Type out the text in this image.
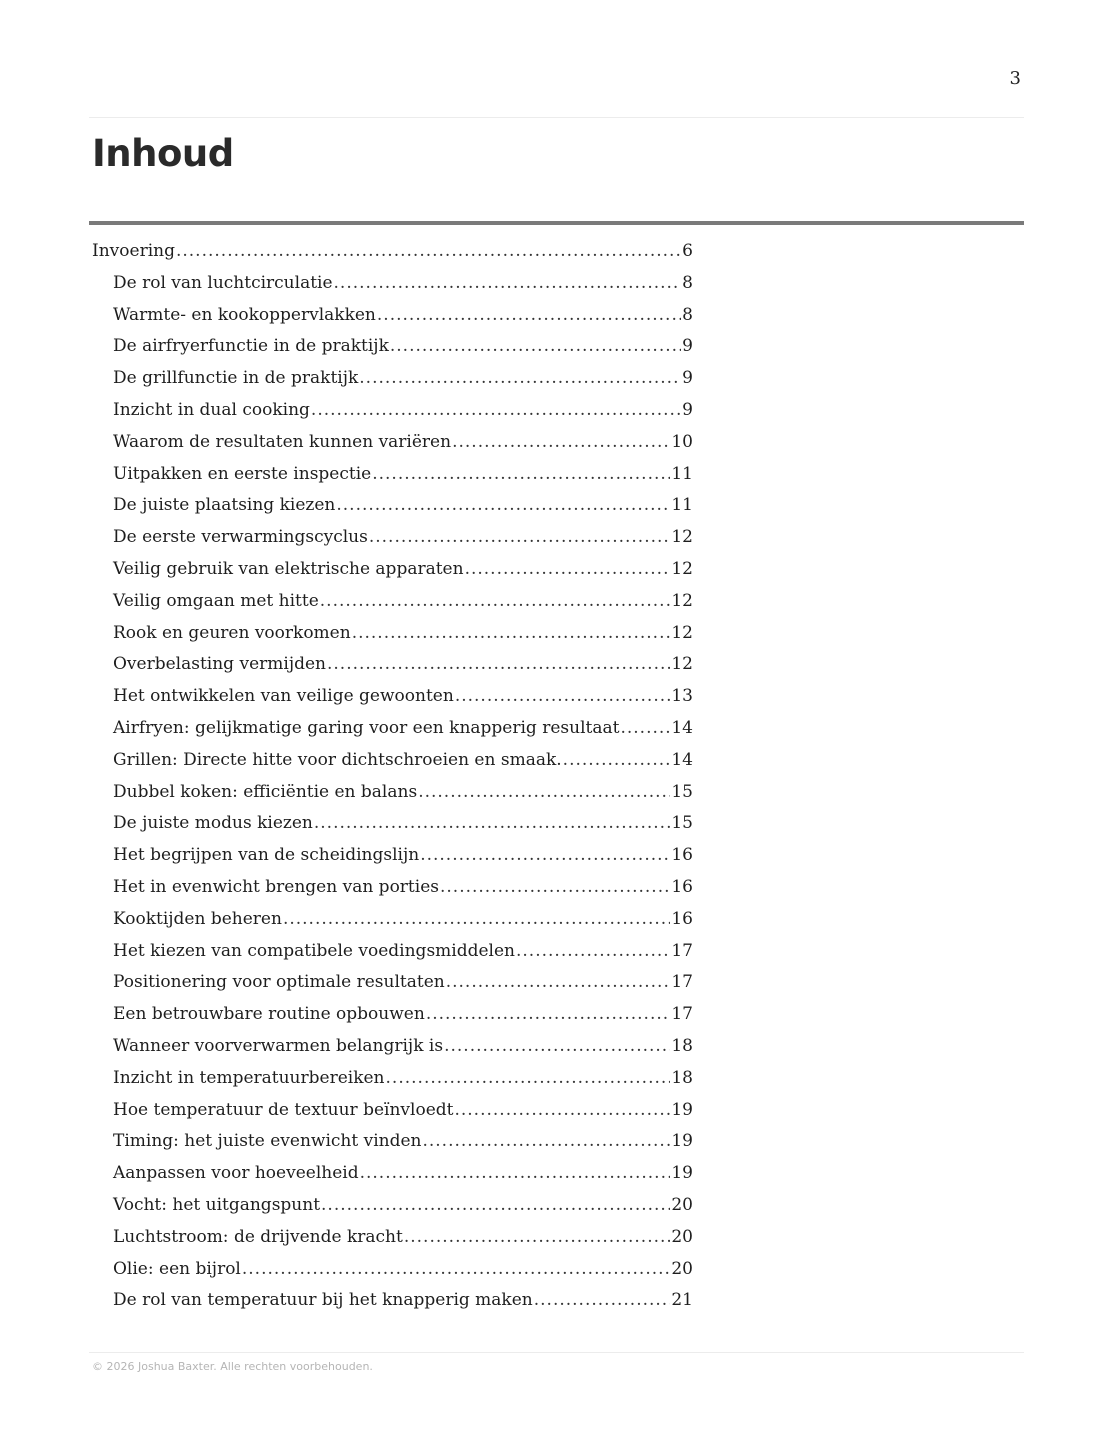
3
Inhoud
Invoering .....	6
De rol van luchtcirculatie .....	8
Warmte- en kookoppervlakken .....	8
De airfryerfunctie in de praktijk .....	9
De grillfunctie in de praktijk .....	9
Inzicht in dual cooking .....	9
Waarom de resultaten kunnen variëren .....	10
Uitpakken en eerste inspectie .....	11
De juiste plaatsing kiezen .....	11
De eerste verwarmingscyclus .....	12
Veilig gebruik van elektrische apparaten .....	12
Veilig omgaan met hitte .....	12
Rook en geuren voorkomen .....	12
Overbelasting vermijden .....	12
Het ontwikkelen van veilige gewoonten .....	13
Airfryen: gelijkmatige garing voor een knapperig resultaat .....	14
Grillen: Directe hitte voor dichtschroeien en smaak. .....	14
Dubbel koken: efficiëntie en balans .....	15
De juiste modus kiezen .....	15
Het begrijpen van de scheidingslijn .....	16
Het in evenwicht brengen van porties .....	16
Kooktijden beheren .....	16
Het kiezen van compatibele voedingsmiddelen .....	17
Positionering voor optimale resultaten .....	17
Een betrouwbare routine opbouwen .....	17
Wanneer voorverwarmen belangrijk is .....	18
Inzicht in temperatuurbereiken .....	18
Hoe temperatuur de textuur beïnvloedt .....	19
Timing: het juiste evenwicht vinden .....	19
Aanpassen voor hoeveelheid .....	19
Vocht: het uitgangspunt .....	20
Luchtstroom: de drijvende kracht .....	20
Olie: een bijrol .....	20
De rol van temperatuur bij het knapperig maken .....	21
© 2026 Joshua Baxter. Alle rechten voorbehouden.
